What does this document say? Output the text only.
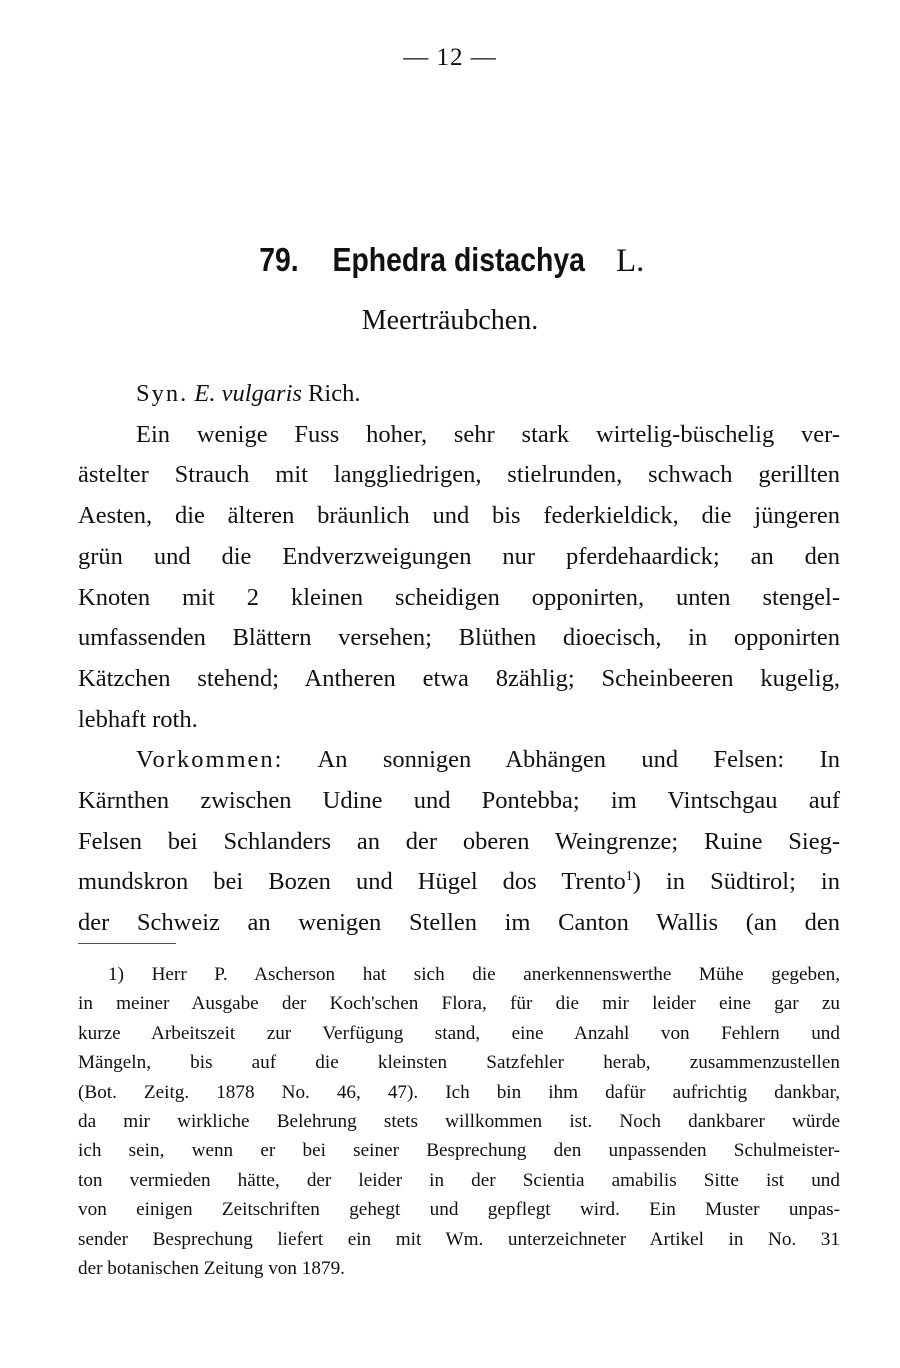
— 12 —
79. Ephedra distachya L.
Meerträubchen.
Syn. E. vulgaris Rich.
Ein wenige Fuss hoher, sehr stark wirtelig-büschelig ver-
ästelter Strauch mit langgliedrigen, stielrunden, schwach gerillten
Aesten, die älteren bräunlich und bis federkieldick, die jüngeren
grün und die Endverzweigungen nur pferdehaardick; an den
Knoten mit 2 kleinen scheidigen opponirten, unten stengel-
umfassenden Blättern versehen; Blüthen dioecisch, in opponirten
Kätzchen stehend; Antheren etwa 8zählig; Scheinbeeren kugelig,
lebhaft roth.
Vorkommen: An sonnigen Abhängen und Felsen: In
Kärnthen zwischen Udine und Pontebba; im Vintschgau auf
Felsen bei Schlanders an der oberen Weingrenze; Ruine Sieg-
mundskron bei Bozen und Hügel dos Trento$^1$) in Südtirol; in
der Schweiz an wenigen Stellen im Canton Wallis (an den
1) Herr P. Ascherson hat sich die anerkennenswerthe Mühe gegeben,
in meiner Ausgabe der Koch'schen Flora, für die mir leider eine gar zu
kurze Arbeitszeit zur Verfügung stand, eine Anzahl von Fehlern und
Mängeln, bis auf die kleinsten Satzfehler herab, zusammenzustellen
(Bot. Zeitg. 1878 No. 46, 47). Ich bin ihm dafür aufrichtig dankbar,
da mir wirkliche Belehrung stets willkommen ist. Noch dankbarer würde
ich sein, wenn er bei seiner Besprechung den unpassenden Schulmeister-
ton vermieden hätte, der leider in der Scientia amabilis Sitte ist und
von einigen Zeitschriften gehegt und gepflegt wird. Ein Muster unpas-
sender Besprechung liefert ein mit Wm. unterzeichneter Artikel in No. 31
der botanischen Zeitung von 1879.
